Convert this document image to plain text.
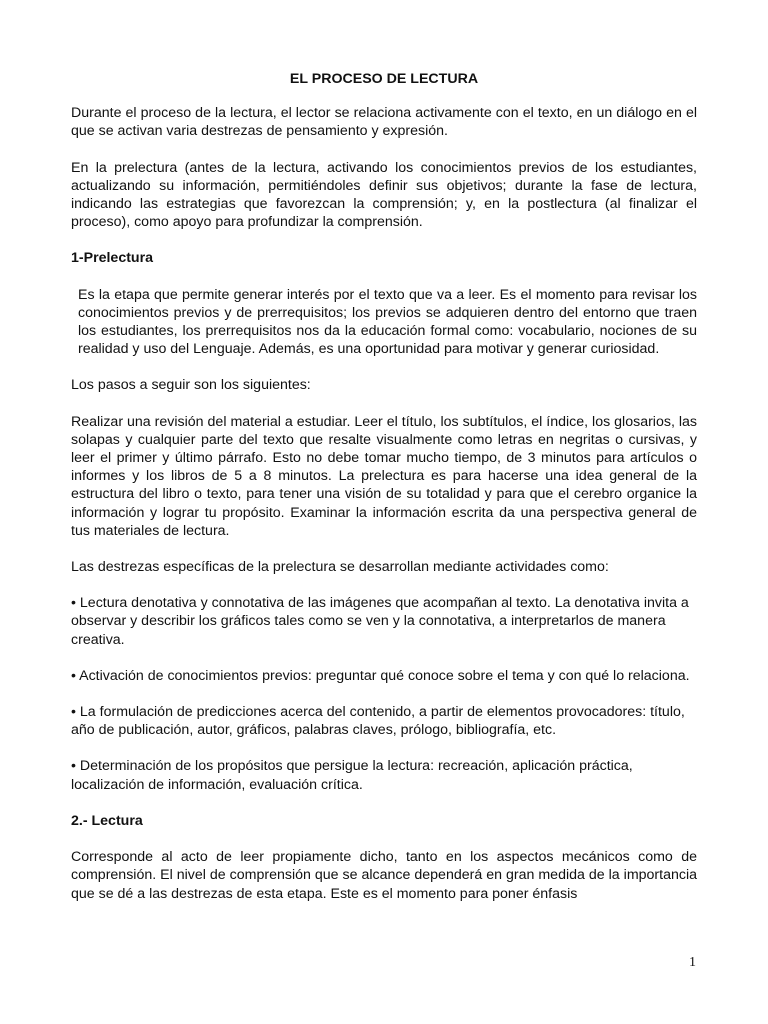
EL PROCESO DE LECTURA

Durante el proceso de la lectura, el lector se relaciona activamente con el texto, en un diálogo en el que se activan varia destrezas de pensamiento y expresión.

En la prelectura (antes de la lectura, activando los conocimientos previos de los estudiantes, actualizando su información, permitiéndoles definir sus objetivos; durante la fase de lectura, indicando las estrategias que favorezcan la comprensión; y, en la postlectura (al finalizar el proceso), como apoyo para profundizar la comprensión.

1-Prelectura

Es la etapa que permite generar interés por el texto que va a leer. Es el momento para revisar los conocimientos previos y de prerrequisitos; los previos se adquieren dentro del entorno que traen los estudiantes, los prerrequisitos nos da la educación formal como: vocabulario, nociones de su realidad y uso del Lenguaje. Además, es una oportunidad para motivar y generar curiosidad.

Los pasos a seguir son los siguientes:

Realizar una revisión del material a estudiar. Leer el título, los subtítulos, el índice, los glosarios, las solapas y cualquier parte del texto que resalte visualmente como letras en negritas o cursivas, y leer el primer y último párrafo. Esto no debe tomar mucho tiempo, de 3 minutos para artículos o informes y los libros de 5 a 8 minutos. La prelectura es para hacerse una idea general de la estructura del libro o texto, para tener una visión de su totalidad y para que el cerebro organice la información y lograr tu propósito. Examinar la información escrita da una perspectiva general de tus materiales de lectura.

Las destrezas específicas de la prelectura se desarrollan mediante actividades como:

• Lectura denotativa y connotativa de las imágenes que acompañan al texto. La denotativa invita a observar y describir los gráficos tales como se ven y la connotativa, a interpretarlos de manera creativa.

• Activación de conocimientos previos: preguntar qué conoce sobre el tema y con qué lo relaciona.

• La formulación de predicciones acerca del contenido, a partir de elementos provocadores: título, año de publicación, autor, gráficos, palabras claves, prólogo, bibliografía, etc.

• Determinación de los propósitos que persigue la lectura: recreación, aplicación práctica, localización de información, evaluación crítica.

2.- Lectura

Corresponde al acto de leer propiamente dicho, tanto en los aspectos mecánicos como de comprensión. El nivel de comprensión que se alcance dependerá en gran medida de la importancia que se dé a las destrezas de esta etapa. Este es el momento para poner énfasis

1
